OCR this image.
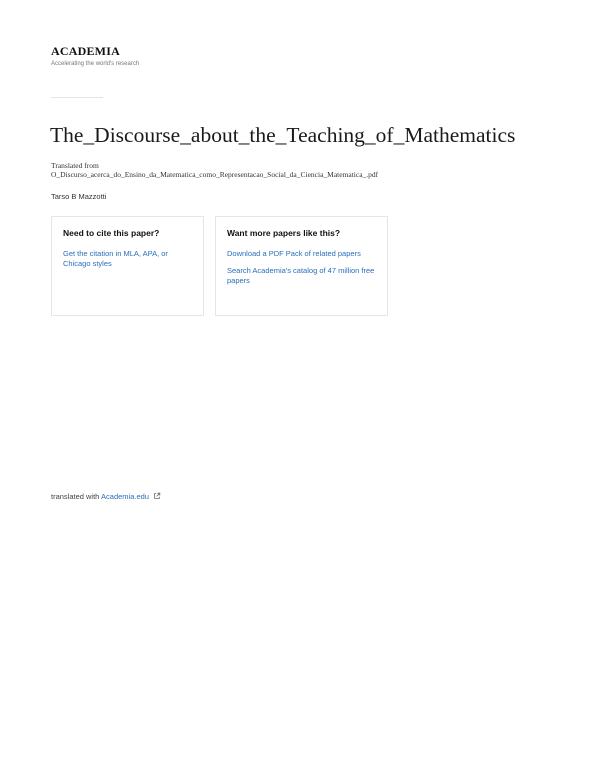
ACADEMIA
Accelerating the world's research
The_Discourse_about_the_Teaching_of_Mathematics
Translated from
O_Discurso_acerca_do_Ensino_da_Matematica_como_Representacao_Social_da_Ciencia_Matematica_.pdf
Tarso B Mazzotti
Need to cite this paper?
Get the citation in MLA, APA, or Chicago styles
Want more papers like this?
Download a PDF Pack of related papers
Search Academia's catalog of 47 million free papers
translated with Academia.edu
